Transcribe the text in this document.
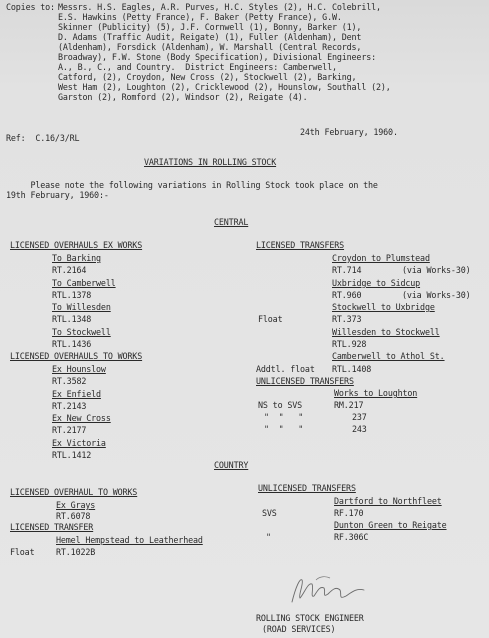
Copies to: Messrs. H.S. Eagles, A.R. Purves, H.C. Styles (2), H.C. Colebrill,
E.S. Hawkins (Petty France), F. Baker (Petty France), G.W.
Skinner (Publicity) (5), J.F. Cornwell (1), Bonny, Barker (1),
D. Adams (Traffic Audit, Reigate) (1), Fuller (Aldenham), Dent
(Aldenham), Forsdick (Aldenham), W. Marshall (Central Records,
Broadway), F.W. Stone (Body Specification), Divisional Engineers:
A., B., C., and Country.  District Engineers: Camberwell,
Catford, (2), Croydon, New Cross (2), Stockwell (2), Barking,
West Ham (2), Loughton (2), Cricklewood (2), Hounslow, Southall (2),
Garston (2), Romford (2), Windsor (2), Reigate (4).
Ref:  C.16/3/RL
24th February, 1960.
VARIATIONS IN ROLLING STOCK
Please note the following variations in Rolling Stock took place on the
19th February, 1960:-
CENTRAL
LICENSED OVERHAULS EX WORKS
To Barking
RT.2164
To Camberwell
RTL.1378
To Willesden
RTL.1348
To Stockwell
RTL.1436
LICENSED OVERHAULS TO WORKS
Ex Hounslow
RT.3582
Ex Enfield
RT.2143
Ex New Cross
RT.2177
Ex Victoria
RTL.1412
LICENSED TRANSFERS
Croydon to Plumstead
RT.714	(via Works-30)
Uxbridge to Sidcup
RT.960	(via Works-30)
Stockwell to Uxbridge
Float	RT.373
Willesden to Stockwell
RTL.928
Camberwell to Athol St.
Addtl. float RTL.1408
UNLICENSED TRANSFERS
Works to Loughton
NS to SVS	RM.217
"  "   "	237
"  "   "	243
COUNTRY
LICENSED OVERHAUL TO WORKS
Ex Grays
RT.6078
LICENSED TRANSFER
Hemel Hempstead to Leatherhead
Float	RT.1022B
UNLICENSED TRANSFERS
Dartford to Northfleet
SVS	RF.170
Dunton Green to Reigate
"	RF.306C
ROLLING STOCK ENGINEER
(ROAD SERVICES)
